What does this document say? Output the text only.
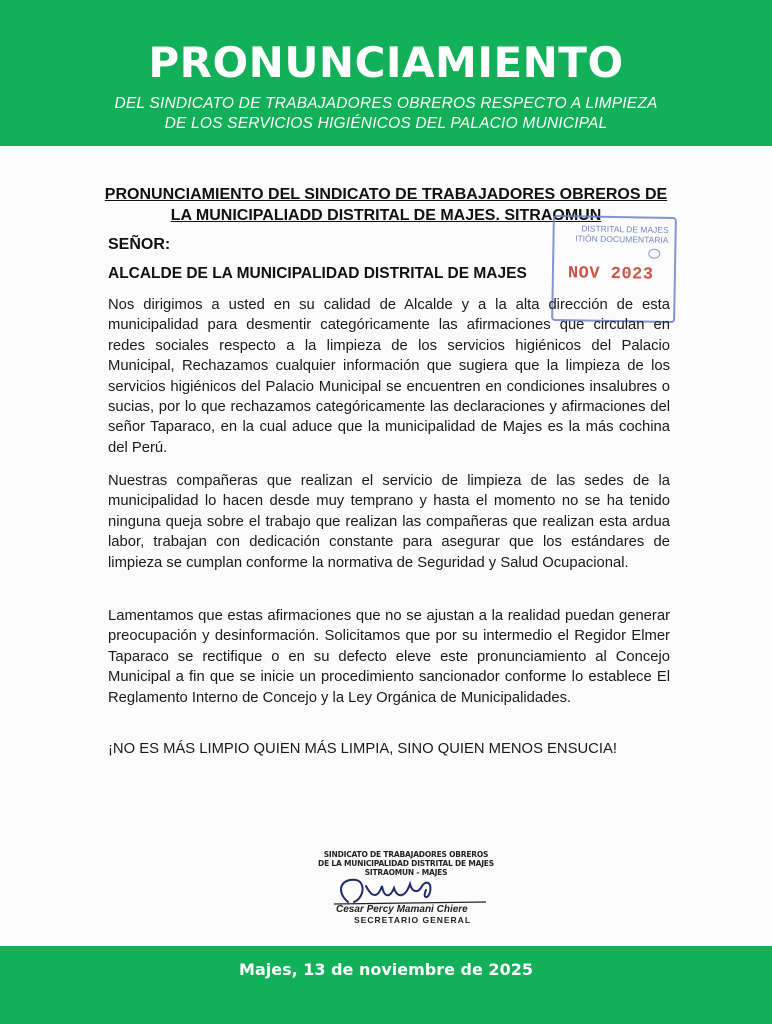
PRONUNCIAMIENTO
DEL SINDICATO DE TRABAJADORES OBREROS RESPECTO A LIMPIEZA
DE LOS SERVICIOS HIGIÉNICOS DEL PALACIO MUNICIPAL
PRONUNCIAMIENTO DEL SINDICATO DE TRABAJADORES OBREROS DE
LA MUNICIPALIADD DISTRITAL DE MAJES. SITRAOMUN
DISTRITAL DE MAJES
ITIÓN DOCUMENTARIA
NOV 2023
SEÑOR:
ALCALDE DE LA MUNICIPALIDAD DISTRITAL DE MAJES

Nos dirigimos a usted en su calidad de Alcalde y a la alta dirección de esta municipalidad para desmentir categóricamente las afirmaciones que circulan en redes sociales respecto a la limpieza de los servicios higiénicos del Palacio Municipal, Rechazamos cualquier información que sugiera que la limpieza de los servicios higiénicos del Palacio Municipal se encuentren en condiciones insalubres o sucias, por lo que rechazamos categóricamente las declaraciones y afirmaciones del señor Taparaco, en la cual aduce que la municipalidad de Majes es la más cochina del Perú.

Nuestras compañeras que realizan el servicio de limpieza de las sedes de la municipalidad lo hacen desde muy temprano y hasta el momento no se ha tenido ninguna queja sobre el trabajo que realizan las compañeras que realizan esta ardua labor, trabajan con dedicación constante para asegurar que los estándares de limpieza se cumplan conforme la normativa de Seguridad y Salud Ocupacional.

Lamentamos que estas afirmaciones que no se ajustan a la realidad puedan generar preocupación y desinformación. Solicitamos que por su intermedio el Regidor Elmer Taparaco se rectifique o en su defecto eleve este pronunciamiento al Concejo Municipal a fin que se inicie un procedimiento sancionador conforme lo establece El Reglamento Interno de Concejo y la Ley Orgánica de Municipalidades.

¡NO ES MÁS LIMPIO QUIEN MÁS LIMPIA, SINO QUIEN MENOS ENSUCIA!
SINDICATO DE TRABAJADORES OBREROS
DE LA MUNICIPALIDAD DISTRITAL DE MAJES
SITRAOMUN - MAJES
Cesar Percy Mamani Chiere
SECRETARIO GENERAL
Majes, 13 de noviembre de 2025
